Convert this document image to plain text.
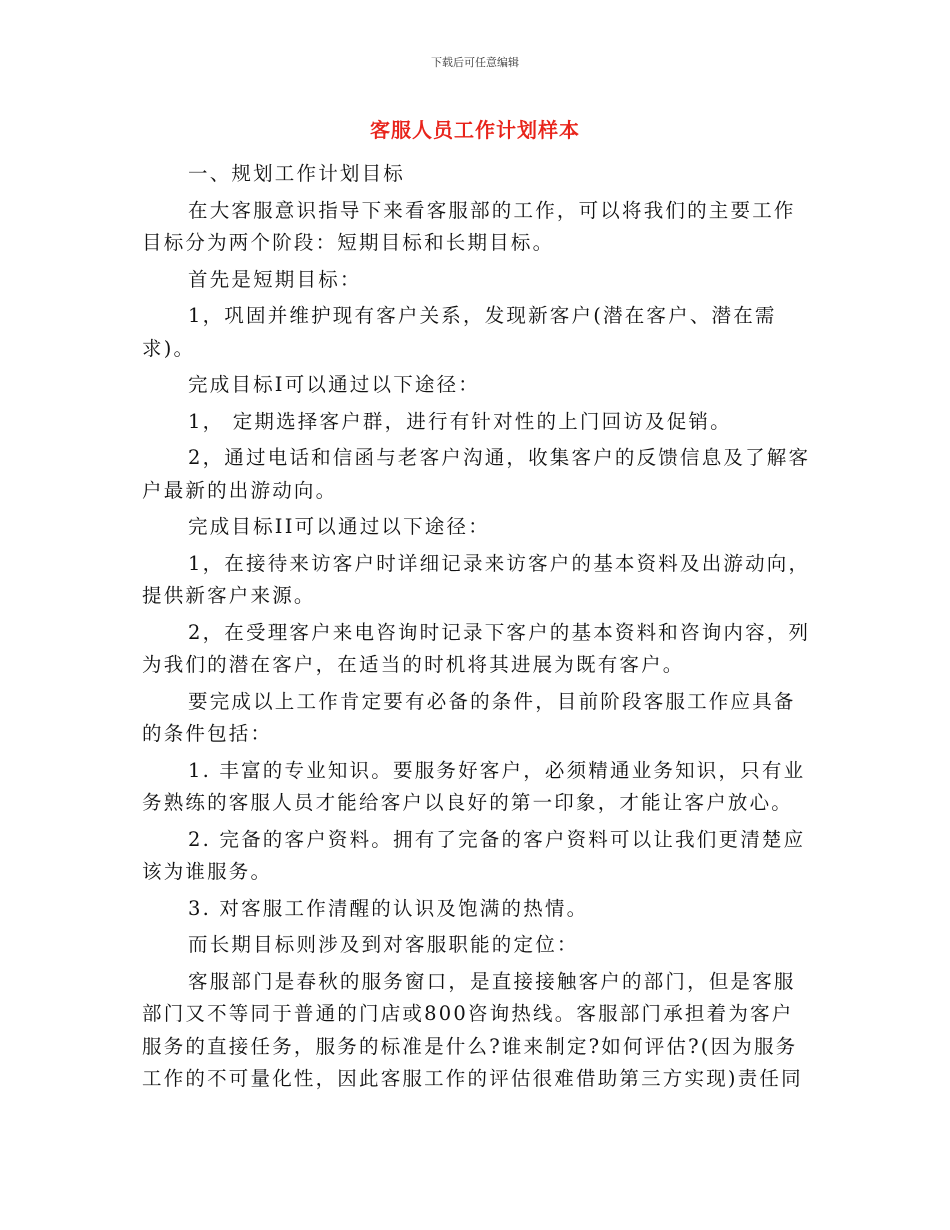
下载后可任意编辑
客服人员工作计划样本

一、规划工作计划目标

在大客服意识指导下来看客服部的工作，可以将我们的主要工作目标分为两个阶段：短期目标和长期目标。

首先是短期目标：

1，巩固并维护现有客户关系，发现新客户(潜在客户、潜在需求)。

完成目标I可以通过以下途径：

1， 定期选择客户群，进行有针对性的上门回访及促销。

2，通过电话和信函与老客户沟通，收集客户的反馈信息及了解客户最新的出游动向。

完成目标II可以通过以下途径：

1，在接待来访客户时详细记录来访客户的基本资料及出游动向，提供新客户来源。

2，在受理客户来电咨询时记录下客户的基本资料和咨询内容，列为我们的潜在客户，在适当的时机将其进展为既有客户。

要完成以上工作肯定要有必备的条件，目前阶段客服工作应具备的条件包括：

1. 丰富的专业知识。要服务好客户，必须精通业务知识，只有业务熟练的客服人员才能给客户以良好的第一印象，才能让客户放心。

2. 完备的客户资料。拥有了完备的客户资料可以让我们更清楚应该为谁服务。

3. 对客服工作清醒的认识及饱满的热情。

而长期目标则涉及到对客服职能的定位：

客服部门是春秋的服务窗口，是直接接触客户的部门，但是客服部门又不等同于普通的门店或800咨询热线。客服部门承担着为客户服务的直接任务，服务的标准是什么?谁来制定?如何评估?(因为服务工作的不可量化性，因此客服工作的评估很难借助第三方实现)责任同
